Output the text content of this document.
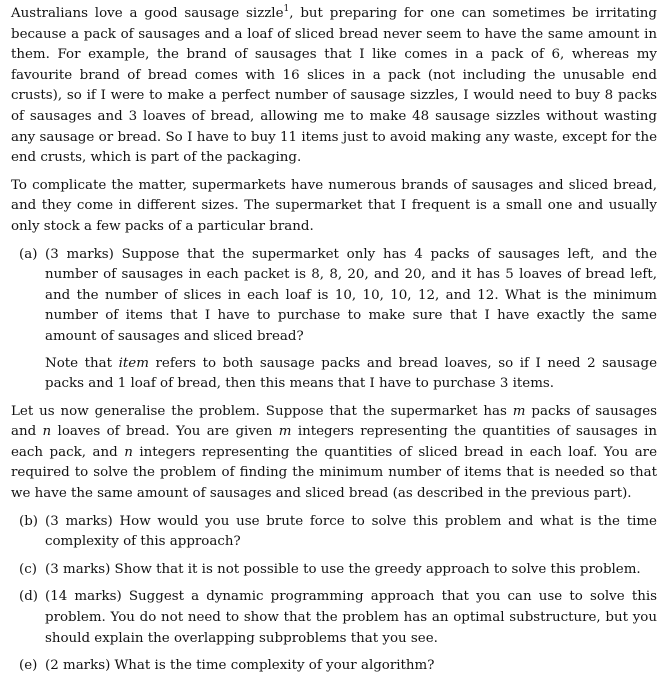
Australians love a good sausage sizzle$^1$, but preparing for one can sometimes be irritating because a pack of sausages and a loaf of sliced bread never seem to have the same amount in them. For example, the brand of sausages that I like comes in a pack of 6, whereas my favourite brand of bread comes with 16 slices in a pack (not including the unusable end crusts), so if I were to make a perfect number of sausage sizzles, I would need to buy 8 packs of sausages and 3 loaves of bread, allowing me to make 48 sausage sizzles without wasting any sausage or bread. So I have to buy 11 items just to avoid making any waste, except for the end crusts, which is part of the packaging.

To complicate the matter, supermarkets have numerous brands of sausages and sliced bread, and they come in different sizes. The supermarket that I frequent is a small one and usually only stock a few packs of a particular brand.

(a) (3 marks) Suppose that the supermarket only has 4 packs of sausages left, and the number of sausages in each packet is 8, 8, 20, and 20, and it has 5 loaves of bread left, and the number of slices in each loaf is 10, 10, 10, 12, and 12. What is the minimum number of items that I have to purchase to make sure that I have exactly the same amount of sausages and sliced bread?

Note that item refers to both sausage packs and bread loaves, so if I need 2 sausage packs and 1 loaf of bread, then this means that I have to purchase 3 items.

Let us now generalise the problem. Suppose that the supermarket has m packs of sausages and n loaves of bread. You are given m integers representing the quantities of sausages in each pack, and n integers representing the quantities of sliced bread in each loaf. You are required to solve the problem of finding the minimum number of items that is needed so that we have the same amount of sausages and sliced bread (as described in the previous part).

(b) (3 marks) How would you use brute force to solve this problem and what is the time complexity of this approach?

(c) (3 marks) Show that it is not possible to use the greedy approach to solve this problem.

(d) (14 marks) Suggest a dynamic programming approach that you can use to solve this problem. You do not need to show that the problem has an optimal substructure, but you should explain the overlapping subproblems that you see.

(e) (2 marks) What is the time complexity of your algorithm?
